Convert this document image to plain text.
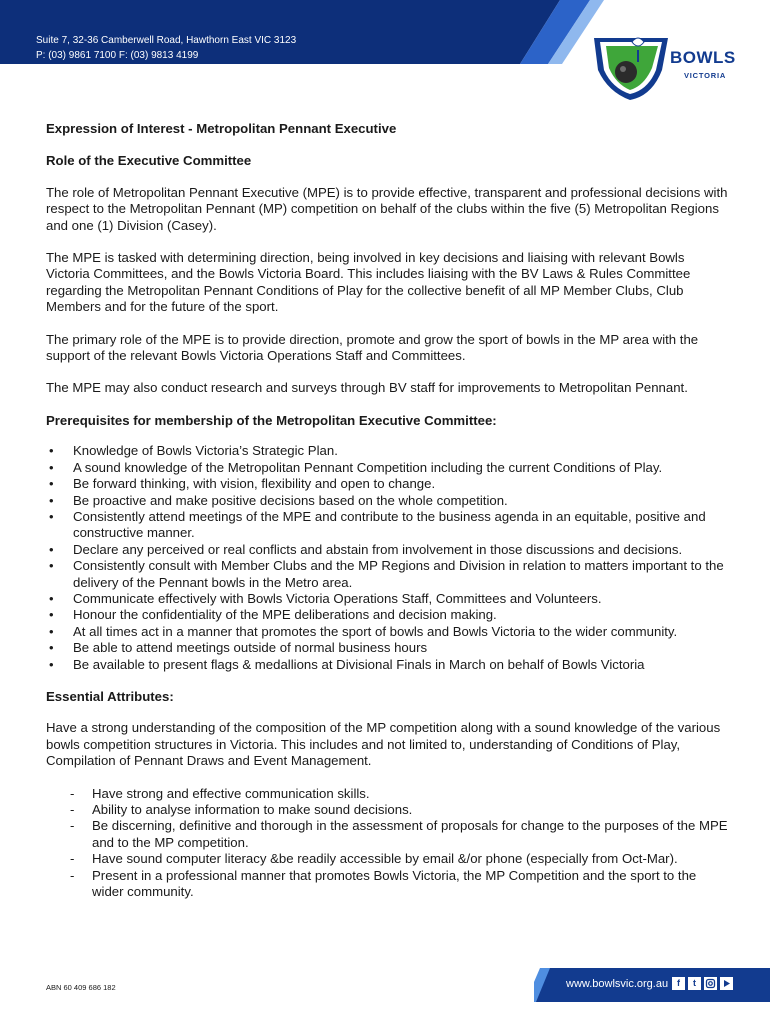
Suite 7, 32-36 Camberwell Road, Hawthorn East VIC 3123
P: (03) 9861 7100 F: (03) 9813 4199	BOWLS
VICTORIA
Expression of Interest - Metropolitan Pennant Executive
Role of the Executive Committee

The role of Metropolitan Pennant Executive (MPE) is to provide effective, transparent and professional decisions with respect to the Metropolitan Pennant (MP) competition on behalf of the clubs within the five (5) Metropolitan Regions and one (1) Division (Casey).

The MPE is tasked with determining direction, being involved in key decisions and liaising with relevant Bowls Victoria Committees, and the Bowls Victoria Board. This includes liaising with the BV Laws & Rules Committee regarding the Metropolitan Pennant Conditions of Play for the collective benefit of all MP Member Clubs, Club Members and for the future of the sport.

The primary role of the MPE is to provide direction, promote and grow the sport of bowls in the MP area with the support of the relevant Bowls Victoria Operations Staff and Committees.

The MPE may also conduct research and surveys through BV staff for improvements to Metropolitan Pennant.

Prerequisites for membership of the Metropolitan Executive Committee:
• Knowledge of Bowls Victoria’s Strategic Plan.
• A sound knowledge of the Metropolitan Pennant Competition including the current Conditions of Play.
• Be forward thinking, with vision, flexibility and open to change.
• Be proactive and make positive decisions based on the whole competition.
• Consistently attend meetings of the MPE and contribute to the business agenda in an equitable, positive and constructive manner.
• Declare any perceived or real conflicts and abstain from involvement in those discussions and decisions.
• Consistently consult with Member Clubs and the MP Regions and Division in relation to matters important to the delivery of the Pennant bowls in the Metro area.
• Communicate effectively with Bowls Victoria Operations Staff, Committees and Volunteers.
• Honour the confidentiality of the MPE deliberations and decision making.
• At all times act in a manner that promotes the sport of bowls and Bowls Victoria to the wider community.
• Be able to attend meetings outside of normal business hours
• Be available to present flags & medallions at Divisional Finals in March on behalf of Bowls Victoria
Essential Attributes:

Have a strong understanding of the composition of the MP competition along with a sound knowledge of the various bowls competition structures in Victoria. This includes and not limited to, understanding of Conditions of Play, Compilation of Pennant Draws and Event Management.

- Have strong and effective communication skills.
- Ability to analyse information to make sound decisions.
- Be discerning, definitive and thorough in the assessment of proposals for change to the purposes of the MPE and to the MP competition.
- Have sound computer literacy &be readily accessible by email &/or phone (especially from Oct-Mar).
- Present in a professional manner that promotes Bowls Victoria, the MP Competition and the sport to the wider community.
ABN 60 409 686 182	www.bowlsvic.org.au f	t
